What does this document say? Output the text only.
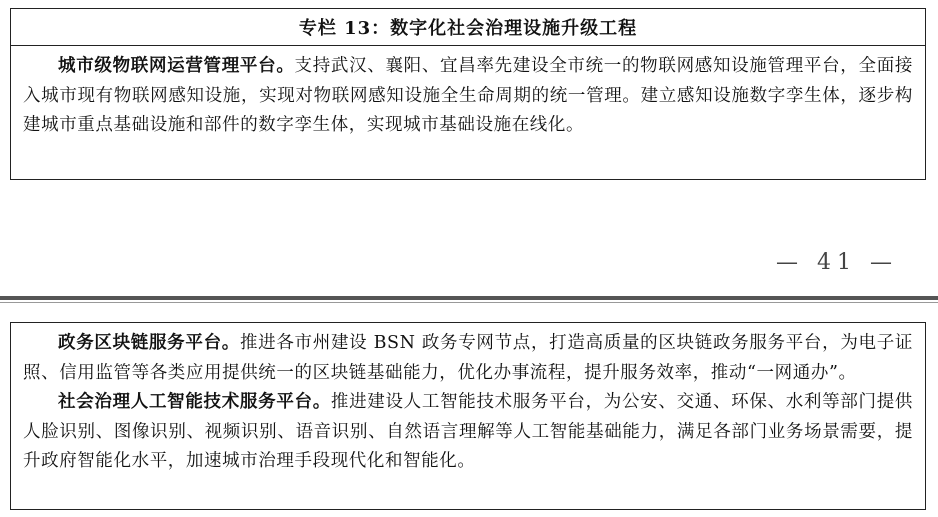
专栏 13：数字化社会治理设施升级工程
城市级物联网运营管理平台。支持武汉、襄阳、宜昌率先建设全市统一的物联网感知设施管理平台，全面接入城市现有物联网感知设施，实现对物联网感知设施全生命周期的统一管理。建立感知设施数字孪生体，逐步构建城市重点基础设施和部件的数字孪生体，实现城市基础设施在线化。
— 41 —
政务区块链服务平台。推进各市州建设 BSN 政务专网节点，打造高质量的区块链政务服务平台，为电子证照、信用监管等各类应用提供统一的区块链基础能力，优化办事流程，提升服务效率，推动“一网通办”。
社会治理人工智能技术服务平台。推进建设人工智能技术服务平台，为公安、交通、环保、水利等部门提供人脸识别、图像识别、视频识别、语音识别、自然语言理解等人工智能基础能力，满足各部门业务场景需要，提升政府智能化水平，加速城市治理手段现代化和智能化。
